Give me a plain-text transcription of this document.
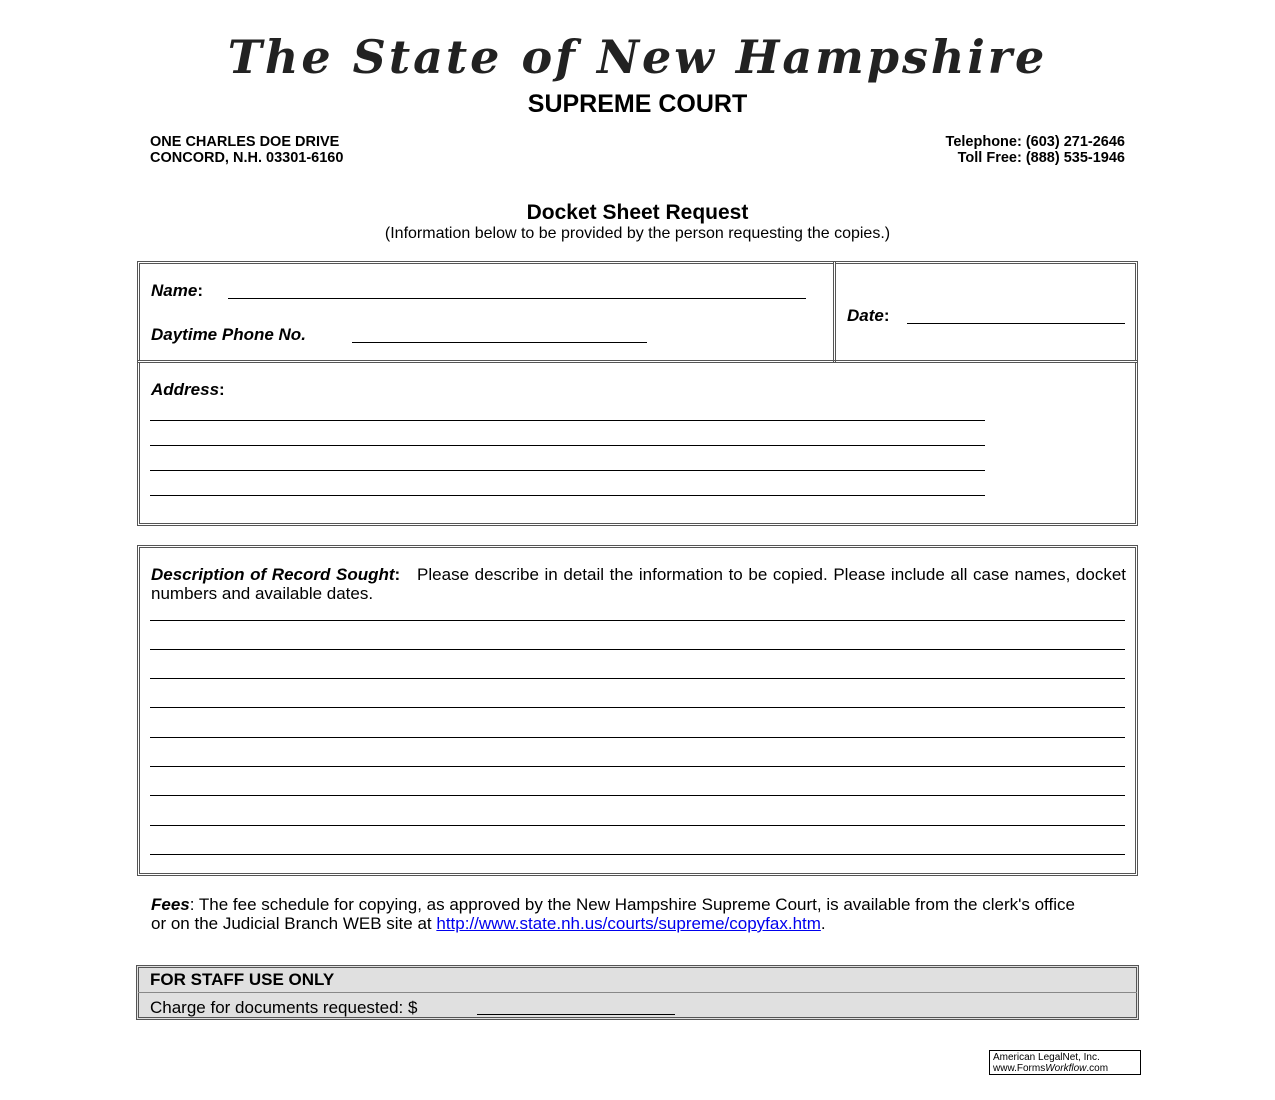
The State of New Hampshire
SUPREME COURT
ONE CHARLES DOE DRIVE
CONCORD, N.H. 03301-6160
Telephone: (603) 271-2646
Toll Free: (888) 535-1946
Docket Sheet Request
(Information below to be provided by the person requesting the copies.)
Name:
Daytime Phone No.
Date:
Address:
Description of Record Sought: Please describe in detail the information to be copied. Please include all case names, docket numbers and available dates.
Fees: The fee schedule for copying, as approved by the New Hampshire Supreme Court, is available from the clerk's office or on the Judicial Branch WEB site at http://www.state.nh.us/courts/supreme/copyfax.htm.
FOR STAFF USE ONLY
Charge for documents requested: $
American LegalNet, Inc.
www.FormsWorkflow.com
